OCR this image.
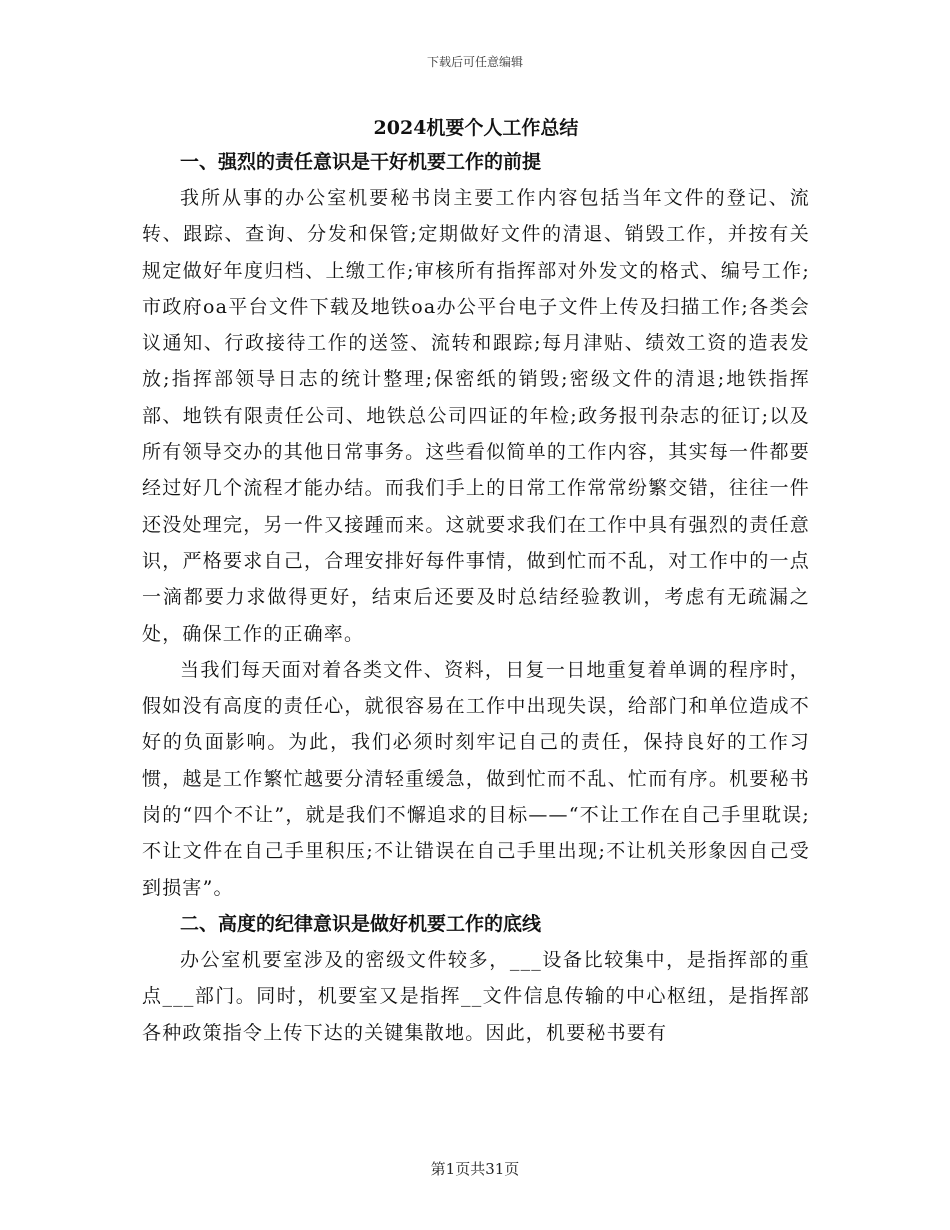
下载后可任意编辑
2024机要个人工作总结
一、强烈的责任意识是干好机要工作的前提

我所从事的办公室机要秘书岗主要工作内容包括当年文件的登记、流转、跟踪、查询、分发和保管;定期做好文件的清退、销毁工作，并按有关规定做好年度归档、上缴工作;审核所有指挥部对外发文的格式、编号工作;市政府oa平台文件下载及地铁oa办公平台电子文件上传及扫描工作;各类会议通知、行政接待工作的送签、流转和跟踪;每月津贴、绩效工资的造表发放;指挥部领导日志的统计整理;保密纸的销毁;密级文件的清退;地铁指挥部、地铁有限责任公司、地铁总公司四证的年检;政务报刊杂志的征订;以及所有领导交办的其他日常事务。这些看似简单的工作内容，其实每一件都要经过好几个流程才能办结。而我们手上的日常工作常常纷繁交错，往往一件还没处理完，另一件又接踵而来。这就要求我们在工作中具有强烈的责任意识，严格要求自己，合理安排好每件事情，做到忙而不乱，对工作中的一点一滴都要力求做得更好，结束后还要及时总结经验教训，考虑有无疏漏之处，确保工作的正确率。

当我们每天面对着各类文件、资料，日复一日地重复着单调的程序时，假如没有高度的责任心，就很容易在工作中出现失误，给部门和单位造成不好的负面影响。为此，我们必须时刻牢记自己的责任，保持良好的工作习惯，越是工作繁忙越要分清轻重缓急，做到忙而不乱、忙而有序。机要秘书岗的“四个不让”，就是我们不懈追求的目标——“不让工作在自己手里耽误;不让文件在自己手里积压;不让错误在自己手里出现;不让机关形象因自己受到损害”。

二、高度的纪律意识是做好机要工作的底线

办公室机要室涉及的密级文件较多，___设备比较集中，是指挥部的重点___部门。同时，机要室又是指挥__文件信息传输的中心枢纽，是指挥部各种政策指令上传下达的关键集散地。因此，机要秘书要有

第1页共31页
